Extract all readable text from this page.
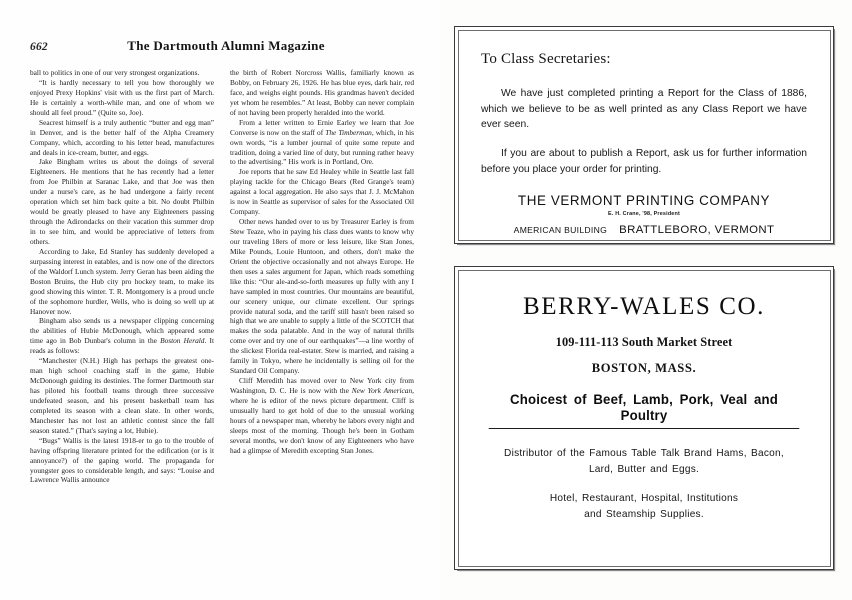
662	The Dartmouth Alumni Magazine

ball to politics in one of our very strongest organizations.

“It is hardly necessary to tell you how thoroughly we enjoyed Prexy Hopkins' visit with us the first part of March. He is certainly a worth-while man, and one of whom we should all feel proud.” (Quite so, Joe).

Seacrest himself is a truly authentic “butter and egg man” in Denver, and is the better half of the Alpha Creamery Company, which, according to his letter head, manufactures and deals in ice-cream, butter, and eggs.

Jake Bingham writes us about the doings of several Eighteeners. He mentions that he has recently had a letter from Joe Philbin at Saranac Lake, and that Joe was then under a nurse's care, as he had undergone a fairly recent operation which set him back quite a bit. No doubt Philbin would be greatly pleased to have any Eighteeners passing through the Adirondacks on their vacation this summer drop in to see him, and would be appreciative of letters from others.

According to Jake, Ed Stanley has suddenly developed a surpassing interest in eatables, and is now one of the directors of the Waldorf Lunch system. Jerry Geran has been aiding the Boston Bruins, the Hub city pro hockey team, to make its good showing this winter. T. R. Montgomery is a proud uncle of the sophomore hurdler, Wells, who is doing so well up at Hanover now.

Bingham also sends us a newspaper clipping concerning the abilities of Hubie McDonough, which appeared some time ago in Bob Dunbar's column in the Boston Herald. It reads as follows:

“Manchester (N.H.) High has perhaps the greatest one-man high school coaching staff in the game, Hubie McDonough guiding its destinies. The former Dartmouth star has piloted his football teams through three successive undefeated season, and his present basketball team has completed its season with a clean slate. In other words, Manchester has not lost an athletic contest since the fall season stated.” (That's saying a lot, Hubie).

“Bugs” Wallis is the latest 1918-er to go to the trouble of having offspring literature printed for the edification (or is it annoyance?) of the gaping world. The propaganda for youngster goes to considerable length, and says: “Louise and Lawrence Wallis announce

the birth of Robert Norcross Wallis, familiarly known as Bobby, on February 26, 1926. He has blue eyes, dark hair, red face, and weighs eight pounds. His grandmas haven't decided yet whom he resembles.” At least, Bobby can never complain of not having been properly heralded into the world.

From a letter written to Ernie Earley we learn that Joe Converse is now on the staff of The Timberman, which, in his own words, “is a lumber journal of quite some repute and tradition, doing a varied line of duty, but running rather heavy to the advertising.” His work is in Portland, Ore.

Joe reports that he saw Ed Healey while in Seattle last fall playing tackle for the Chicago Bears (Red Grange's team) against a local aggregation. He also says that J. J. McMahon is now in Seattle as supervisor of sales for the Associated Oil Company.

Other news handed over to us by Treasurer Earley is from Stew Teaze, who in paying his class dues wants to know why our traveling 18ers of more or less leisure, like Stan Jones, Mike Pounds, Louie Huntoon, and others, don't make the Orient the objective occasionally and not always Europe. He then uses a sales argument for Japan, which reads something like this: “Our ale-and-so-forth measures up fully with any I have sampled in most countries. Our mountains are beautiful, our scenery unique, our climate excellent. Our springs provide natural soda, and the tariff still hasn't been raised so high that we are unable to supply a little of the SCOTCH that makes the soda palatable. And in the way of natural thrills come over and try one of our earthquakes”—a line worthy of the slickest Florida real-estater. Stew is married, and raising a family in Tokyo, where he incidentally is selling oil for the Standard Oil Company.

Cliff Meredith has moved over to New York city from Washington, D. C. He is now with the New York American, where he is editor of the news picture department. Cliff is unusually hard to get hold of due to the unusual working hours of a newspaper man, whereby he labors every night and sleeps most of the morning. Though he's been in Gotham several months, we don't know of any Eighteeners who have had a glimpse of Meredith excepting Stan Jones.

To Class Secretaries:
We have just completed printing a Report for the Class of 1886, which we believe to be as well printed as any Class Report we have ever seen.
If you are about to publish a Report, ask us for further information before you place your order for printing.
THE VERMONT PRINTING COMPANY
E. H. Crane, '98, President
AMERICAN BUILDING BRATTLEBORO, VERMONT
BERRY-WALES CO.
109-111-113 South Market Street
BOSTON, MASS.
Choicest of Beef, Lamb, Pork, Veal and Poultry
Distributor of the Famous Table Talk Brand Hams, Bacon,
Lard, Butter and Eggs.
Hotel, Restaurant, Hospital, Institutions
and Steamship Supplies.
